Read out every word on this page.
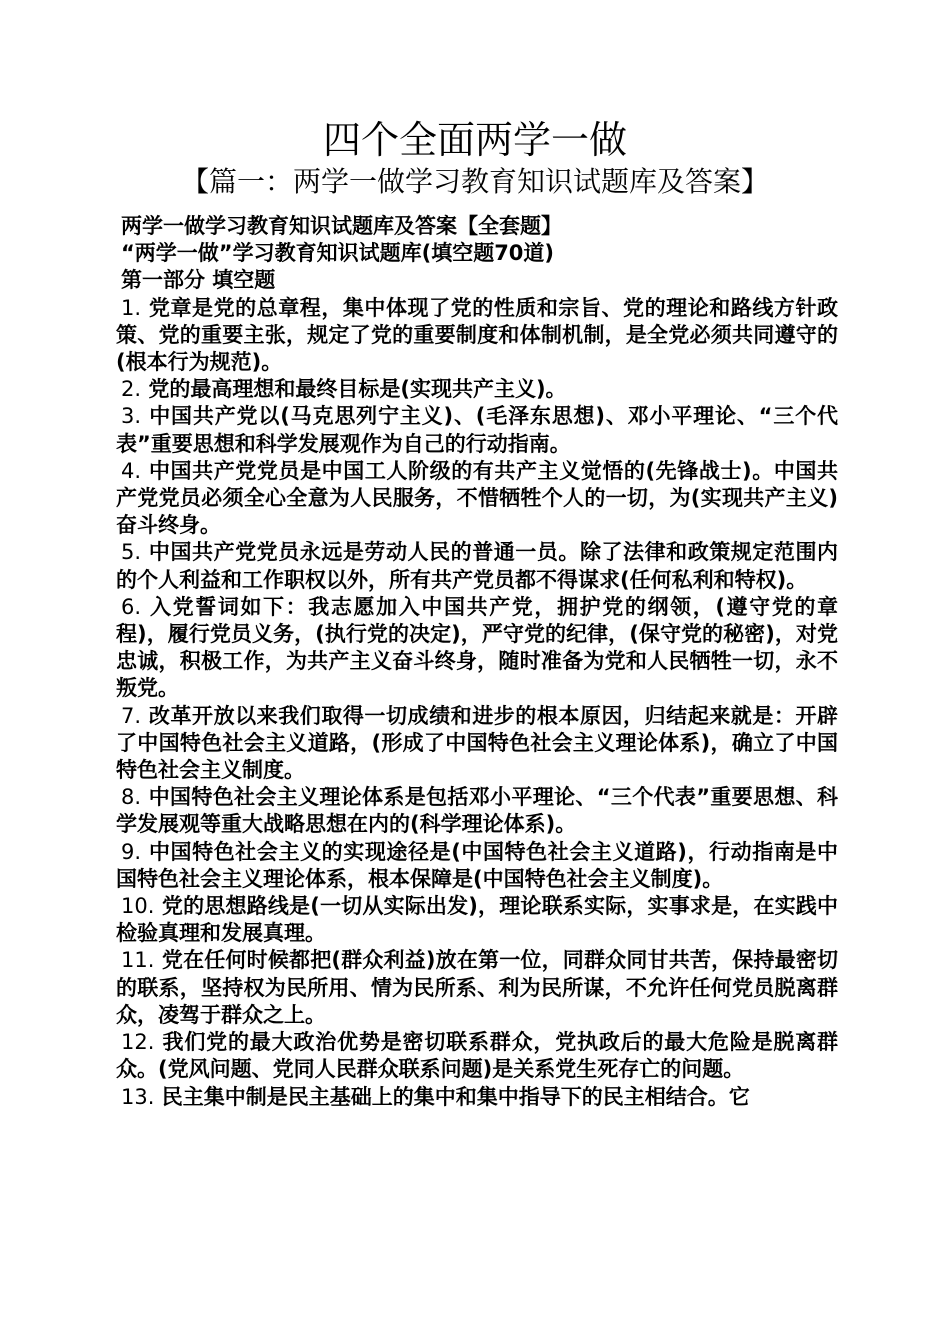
四个全面两学一做
【篇一：两学一做学习教育知识试题库及答案】

两学一做学习教育知识试题库及答案【全套题】

“两学一做”学习教育知识试题库(填空题70道)

第一部分 填空题

1. 党章是党的总章程，集中体现了党的性质和宗旨、党的理论和路线方针政策、党的重要主张，规定了党的重要制度和体制机制，是全党必须共同遵守的(根本行为规范)。

2. 党的最高理想和最终目标是(实现共产主义)。

3. 中国共产党以(马克思列宁主义)、(毛泽东思想)、邓小平理论、“三个代表”重要思想和科学发展观作为自己的行动指南。

4. 中国共产党党员是中国工人阶级的有共产主义觉悟的(先锋战士)。中国共产党党员必须全心全意为人民服务，不惜牺牲个人的一切，为(实现共产主义)奋斗终身。

5. 中国共产党党员永远是劳动人民的普通一员。除了法律和政策规定范围内的个人利益和工作职权以外，所有共产党员都不得谋求(任何私利和特权)。

6. 入党誓词如下：我志愿加入中国共产党，拥护党的纲领，(遵守党的章程)，履行党员义务，(执行党的决定)，严守党的纪律，(保守党的秘密)，对党忠诚，积极工作，为共产主义奋斗终身，随时准备为党和人民牺牲一切，永不叛党。

7. 改革开放以来我们取得一切成绩和进步的根本原因，归结起来就是：开辟了中国特色社会主义道路，(形成了中国特色社会主义理论体系)，确立了中国特色社会主义制度。

8. 中国特色社会主义理论体系是包括邓小平理论、“三个代表”重要思想、科学发展观等重大战略思想在内的(科学理论体系)。

9. 中国特色社会主义的实现途径是(中国特色社会主义道路)，行动指南是中国特色社会主义理论体系，根本保障是(中国特色社会主义制度)。

10. 党的思想路线是(一切从实际出发)，理论联系实际，实事求是，在实践中检验真理和发展真理。

11. 党在任何时候都把(群众利益)放在第一位，同群众同甘共苦，保持最密切的联系，坚持权为民所用、情为民所系、利为民所谋，不允许任何党员脱离群众，凌驾于群众之上。

12. 我们党的最大政治优势是密切联系群众，党执政后的最大危险是脱离群众。(党风问题、党同人民群众联系问题)是关系党生死存亡的问题。

13. 民主集中制是民主基础上的集中和集中指导下的民主相结合。它
